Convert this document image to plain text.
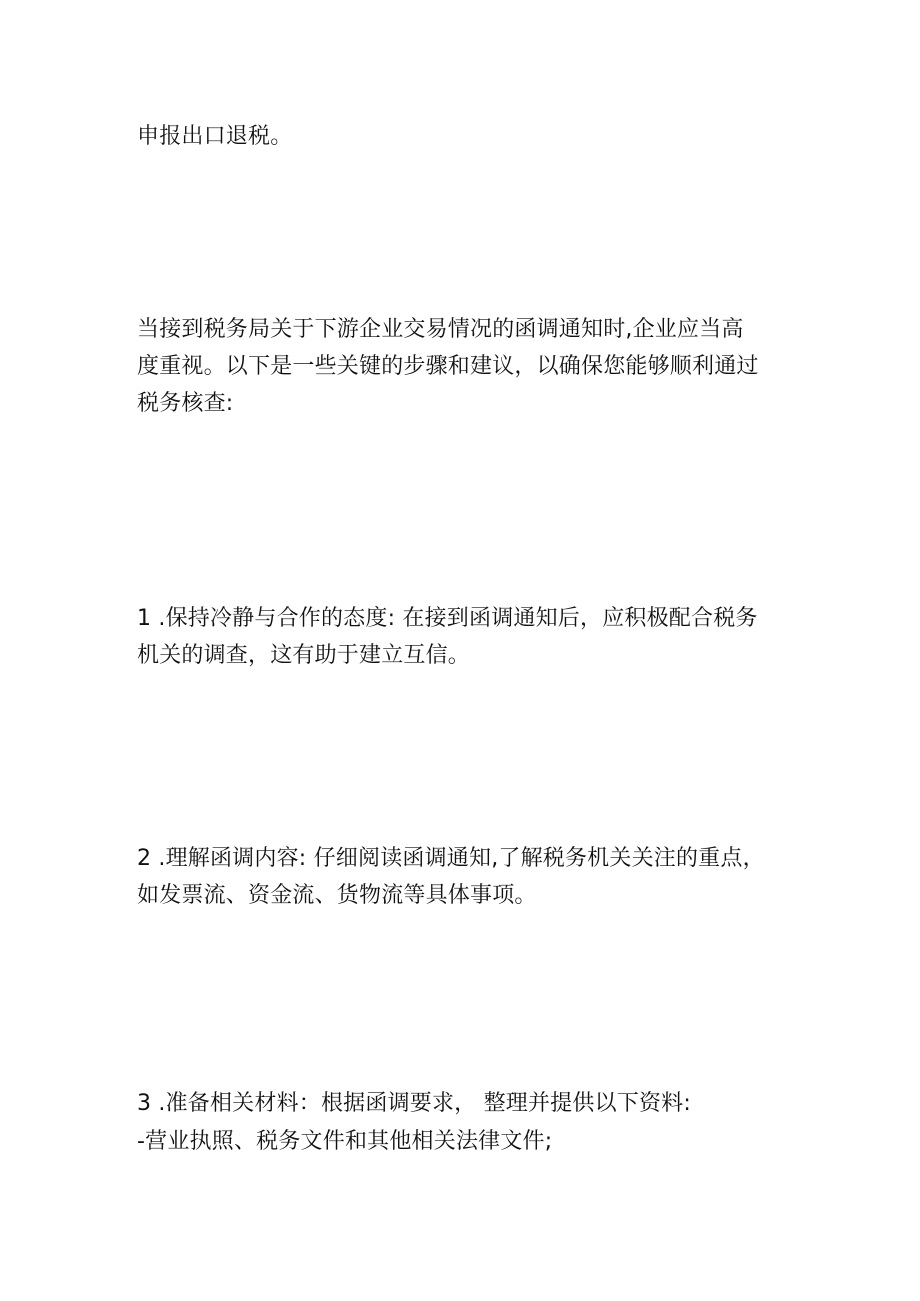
申报出口退税。

当接到税务局关于下游企业交易情况的函调通知时,企业应当高
度重视。以下是一些关键的步骤和建议，以确保您能够顺利通过
税务核查:

1 .保持冷静与合作的态度: 在接到函调通知后，应积极配合税务
机关的调查，这有助于建立互信。

2 .理解函调内容: 仔细阅读函调通知,了解税务机关关注的重点，
如发票流、资金流、货物流等具体事项。

3 .准备相关材料：根据函调要求， 整理并提供以下资料:
-营业执照、税务文件和其他相关法律文件;
